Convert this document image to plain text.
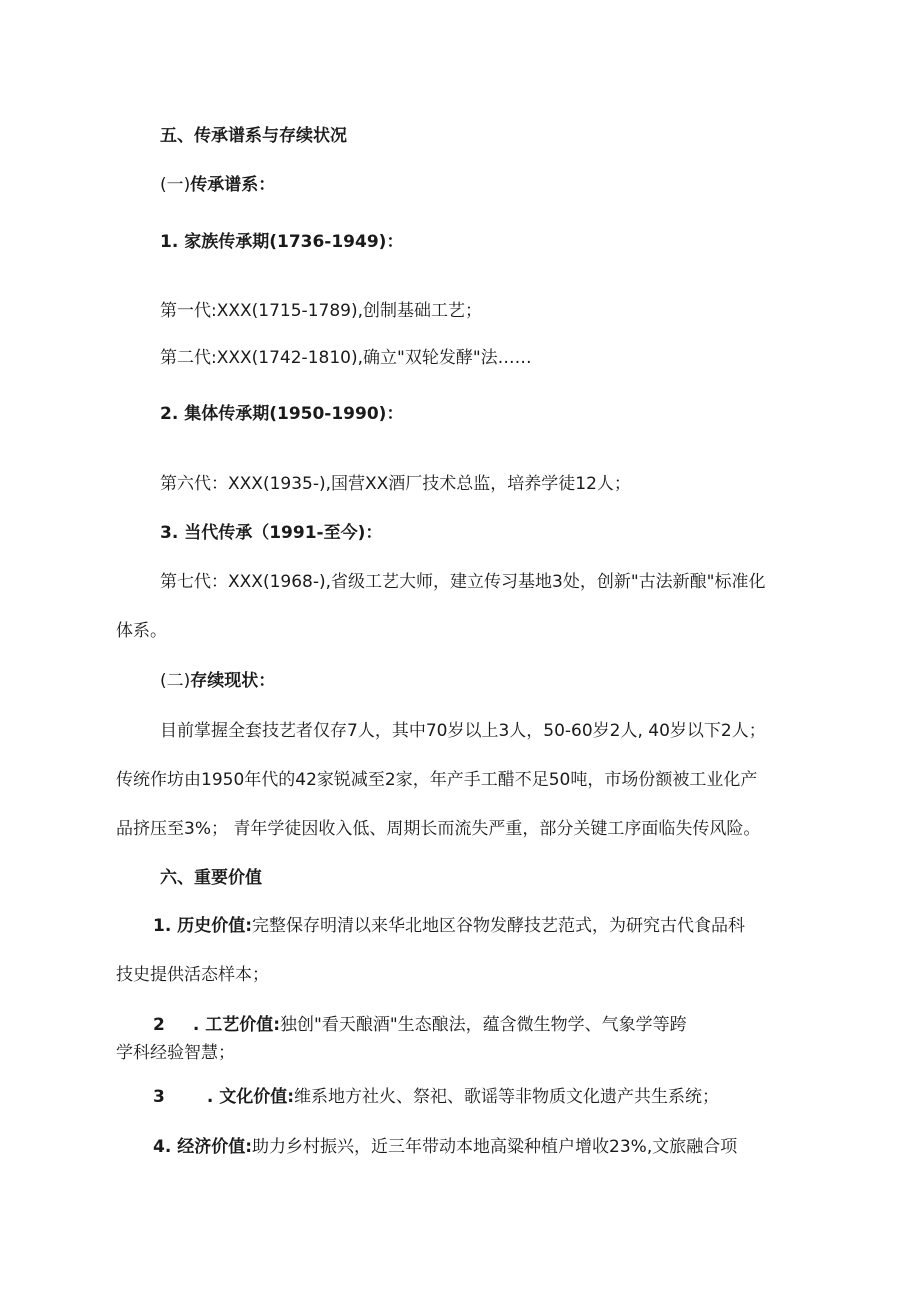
五、传承谱系与存续状况
(一)传承谱系：
1. 家族传承期(1736-1949)：
第一代:XXX(1715-1789),创制基础工艺；
第二代:XXX(1742-1810),确立"双轮发酵"法……
2. 集体传承期(1950-1990)：
第六代：XXX(1935-),国营XX酒厂技术总监，培养学徒12人；
3. 当代传承（1991-至今)：
第七代：XXX(1968-),省级工艺大师，建立传习基地3处，创新"古法新酿"标准化
体系。
(二)存续现状：
目前掌握全套技艺者仅存7人，其中70岁以上3人，50-60岁2人, 40岁以下2人；
传统作坊由1950年代的42家锐减至2家，年产手工醋不足50吨，市场份额被工业化产
品挤压至3%； 青年学徒因收入低、周期长而流失严重，部分关键工序面临失传风险。
六、重要价值
1. 历史价值:完整保存明清以来华北地区谷物发酵技艺范式，为研究古代食品科
技史提供活态样本；
2 . 工艺价值:独创"看天酿酒"生态酿法，蕴含微生物学、气象学等跨
学科经验智慧；
3 . 文化价值:维系地方社火、祭祀、歌谣等非物质文化遗产共生系统；
4. 经济价值:助力乡村振兴，近三年带动本地高粱种植户增收23%,文旅融合项
